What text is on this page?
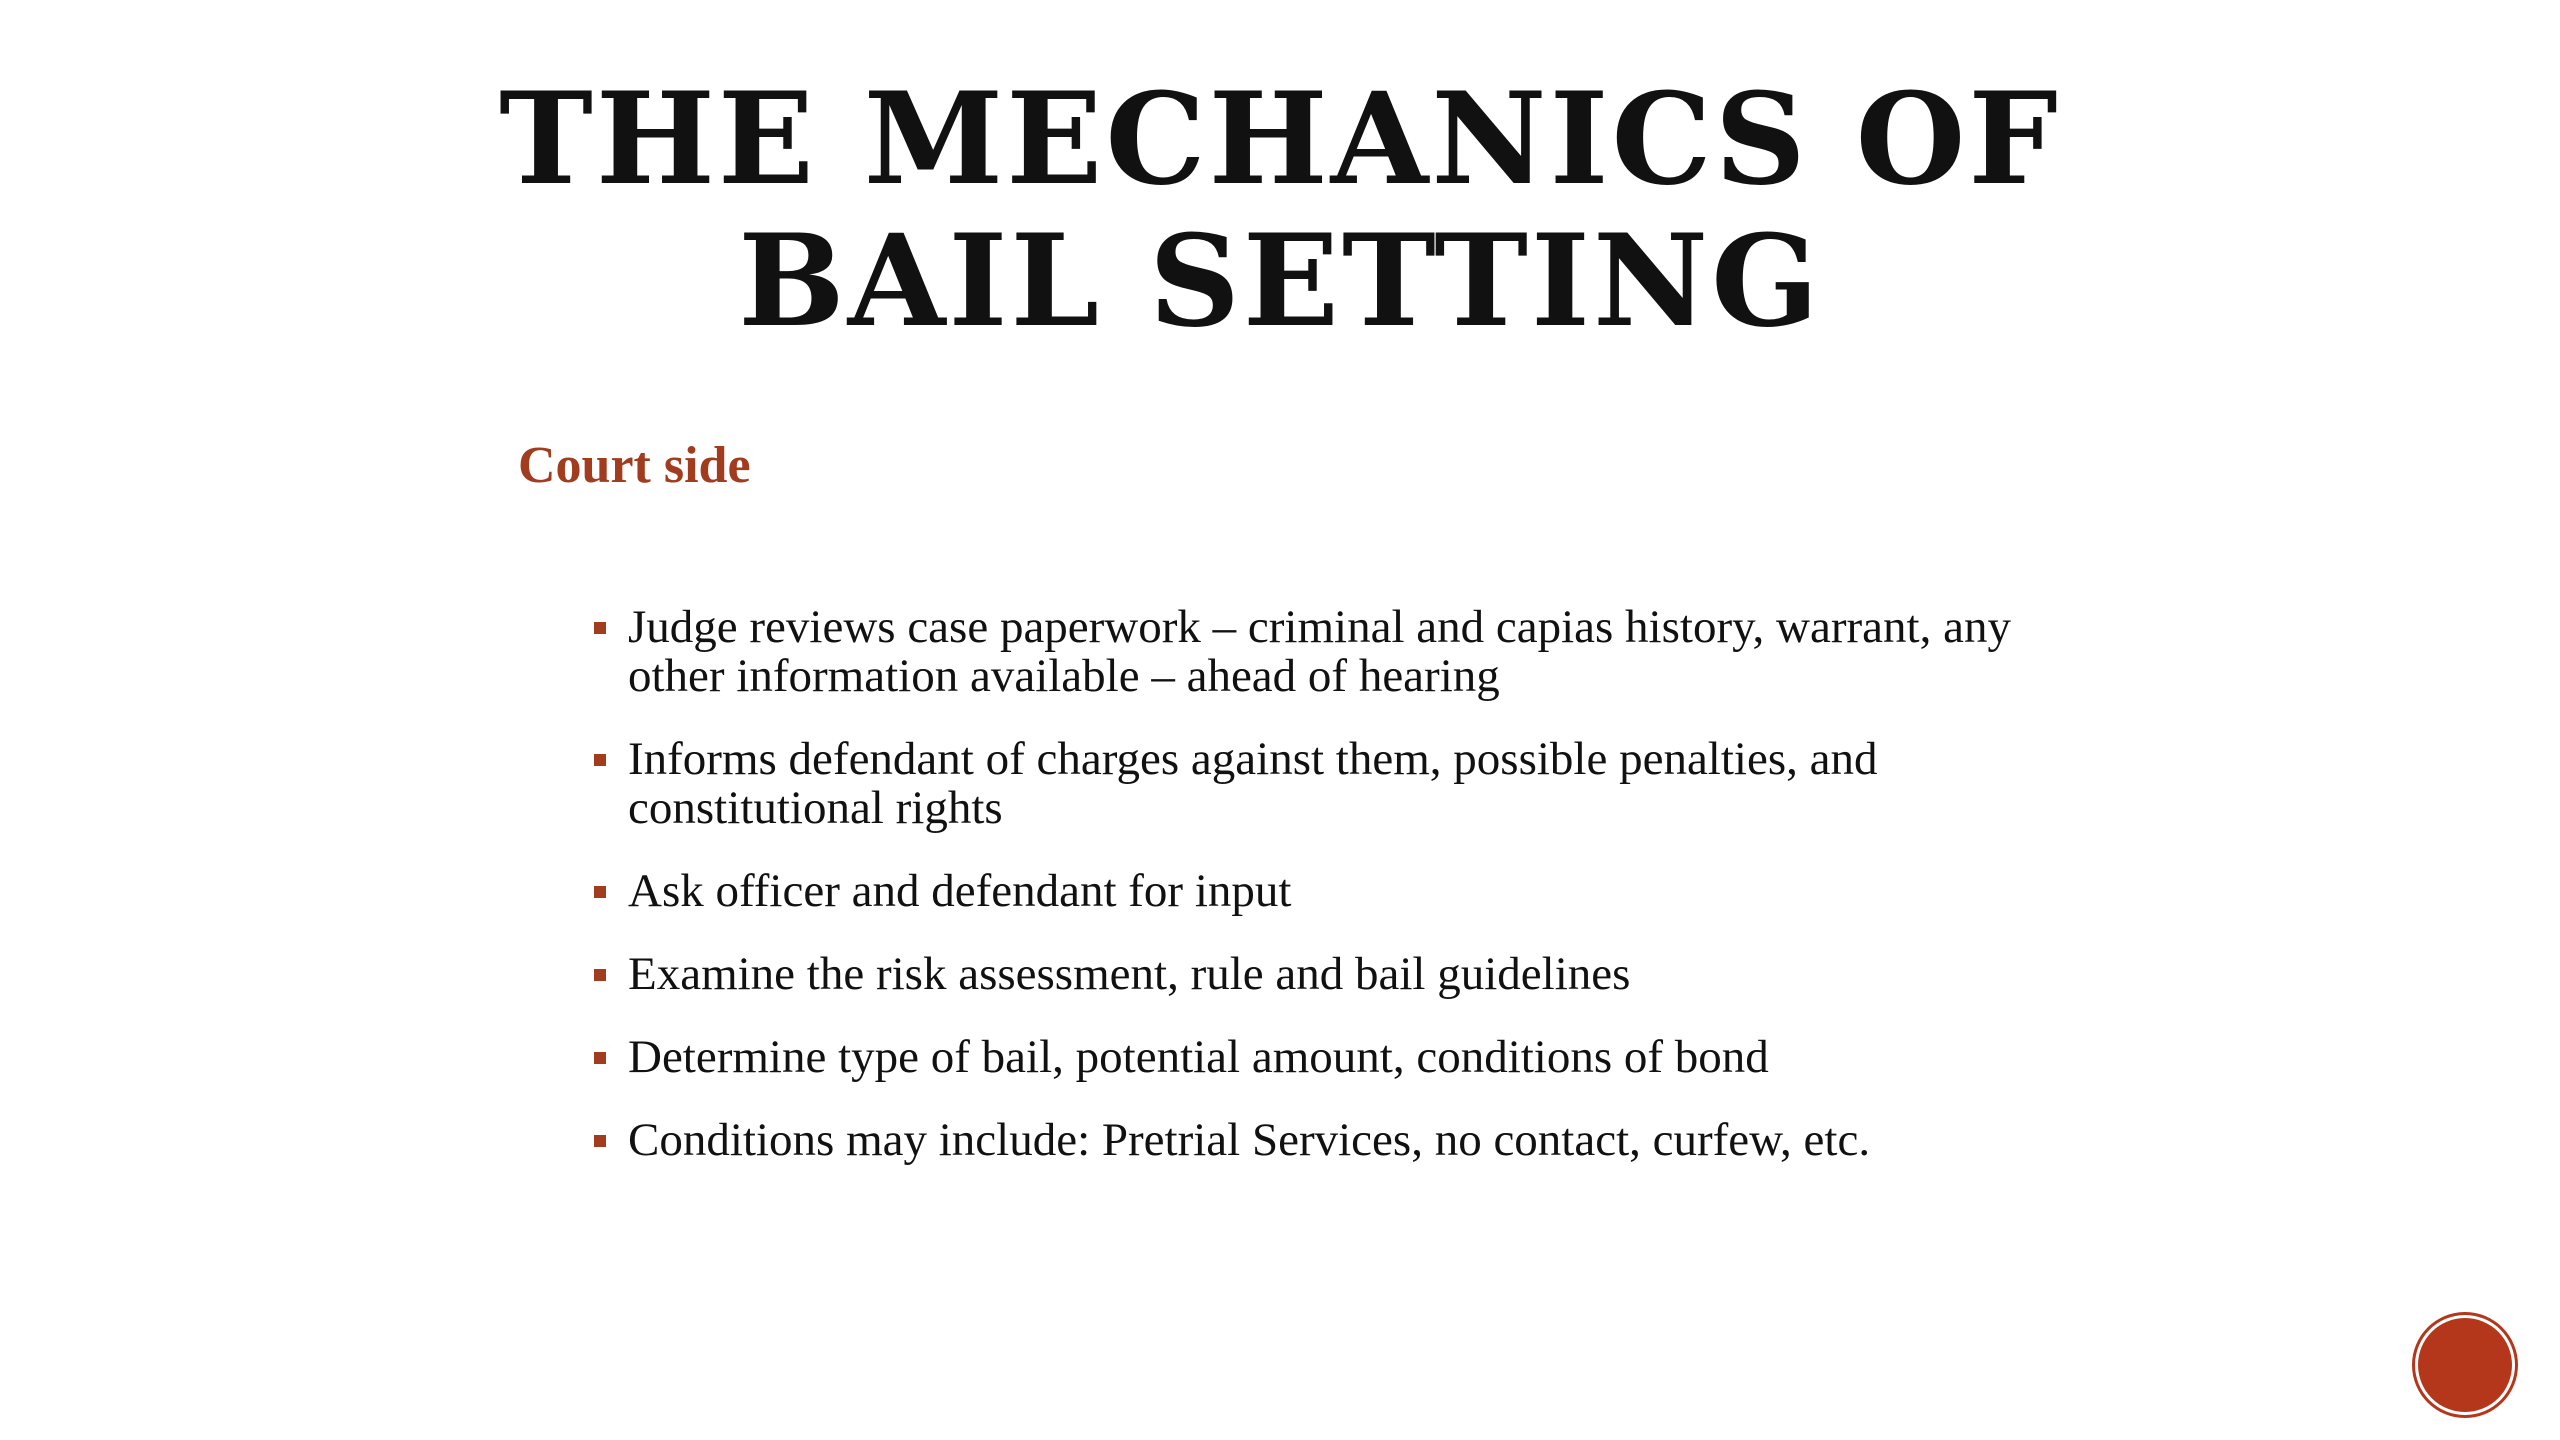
THE MECHANICS OF
BAIL SETTING
Court side
Judge reviews case paperwork – criminal and capias history, warrant, any other information available – ahead of hearing
Informs defendant of charges against them, possible penalties, and constitutional rights
Ask officer and defendant for input
Examine the risk assessment, rule and bail guidelines
Determine type of bail, potential amount, conditions of bond
Conditions may include: Pretrial Services, no contact, curfew, etc.
